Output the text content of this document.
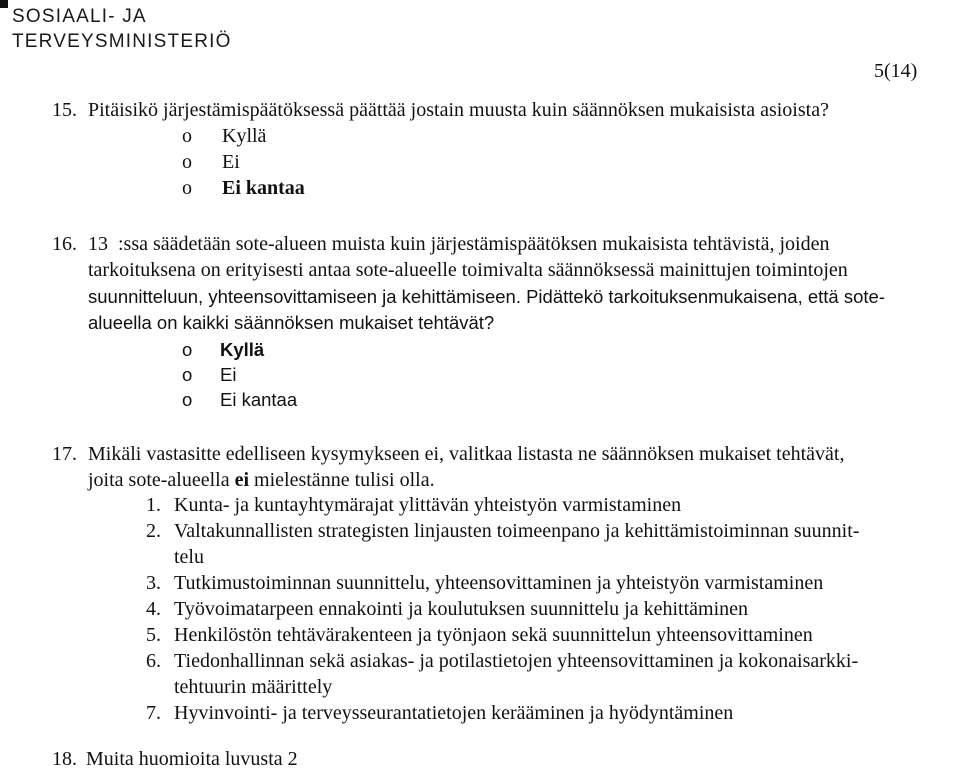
SOSIAALI- JA
TERVEYSMINISTERIÖ
5(14)
15. Pitäisikö järjestämispäätöksessä päättää jostain muusta kuin säännöksen mukaisista asioista?
o Kyllä
o Ei
o Ei kantaa
16. 13 :ssa säädetään sote-alueen muista kuin järjestämispäätöksen mukaisista tehtävistä, joiden
tarkoituksena on erityisesti antaa sote-alueelle toimivalta säännöksessä mainittujen toimintojen
suunnitteluun, yhteensovittamiseen ja kehittämiseen. Pidättekö tarkoituksenmukaisena, että sote-
alueella on kaikki säännöksen mukaiset tehtävät?
o Kyllä
o Ei
o Ei kantaa
17. Mikäli vastasitte edelliseen kysymykseen ei, valitkaa listasta ne säännöksen mukaiset tehtävät,
joita sote-alueella ei mielestänne tulisi olla.
1. Kunta- ja kuntayhtymärajat ylittävän yhteistyön varmistaminen
2. Valtakunnallisten strategisten linjausten toimeenpano ja kehittämistoiminnan suunnit-
telu
3. Tutkimustoiminnan suunnittelu, yhteensovittaminen ja yhteistyön varmistaminen
4. Työvoimatarpeen ennakointi ja koulutuksen suunnittelu ja kehittäminen
5. Henkilöstön tehtävärakenteen ja työnjaon sekä suunnittelun yhteensovittaminen
6. Tiedonhallinnan sekä asiakas- ja potilastietojen yhteensovittaminen ja kokonaisarkki-
tehtuurin määrittely
7. Hyvinvointi- ja terveysseurantatietojen kerääminen ja hyödyntäminen
18. Muita huomioita luvusta 2
